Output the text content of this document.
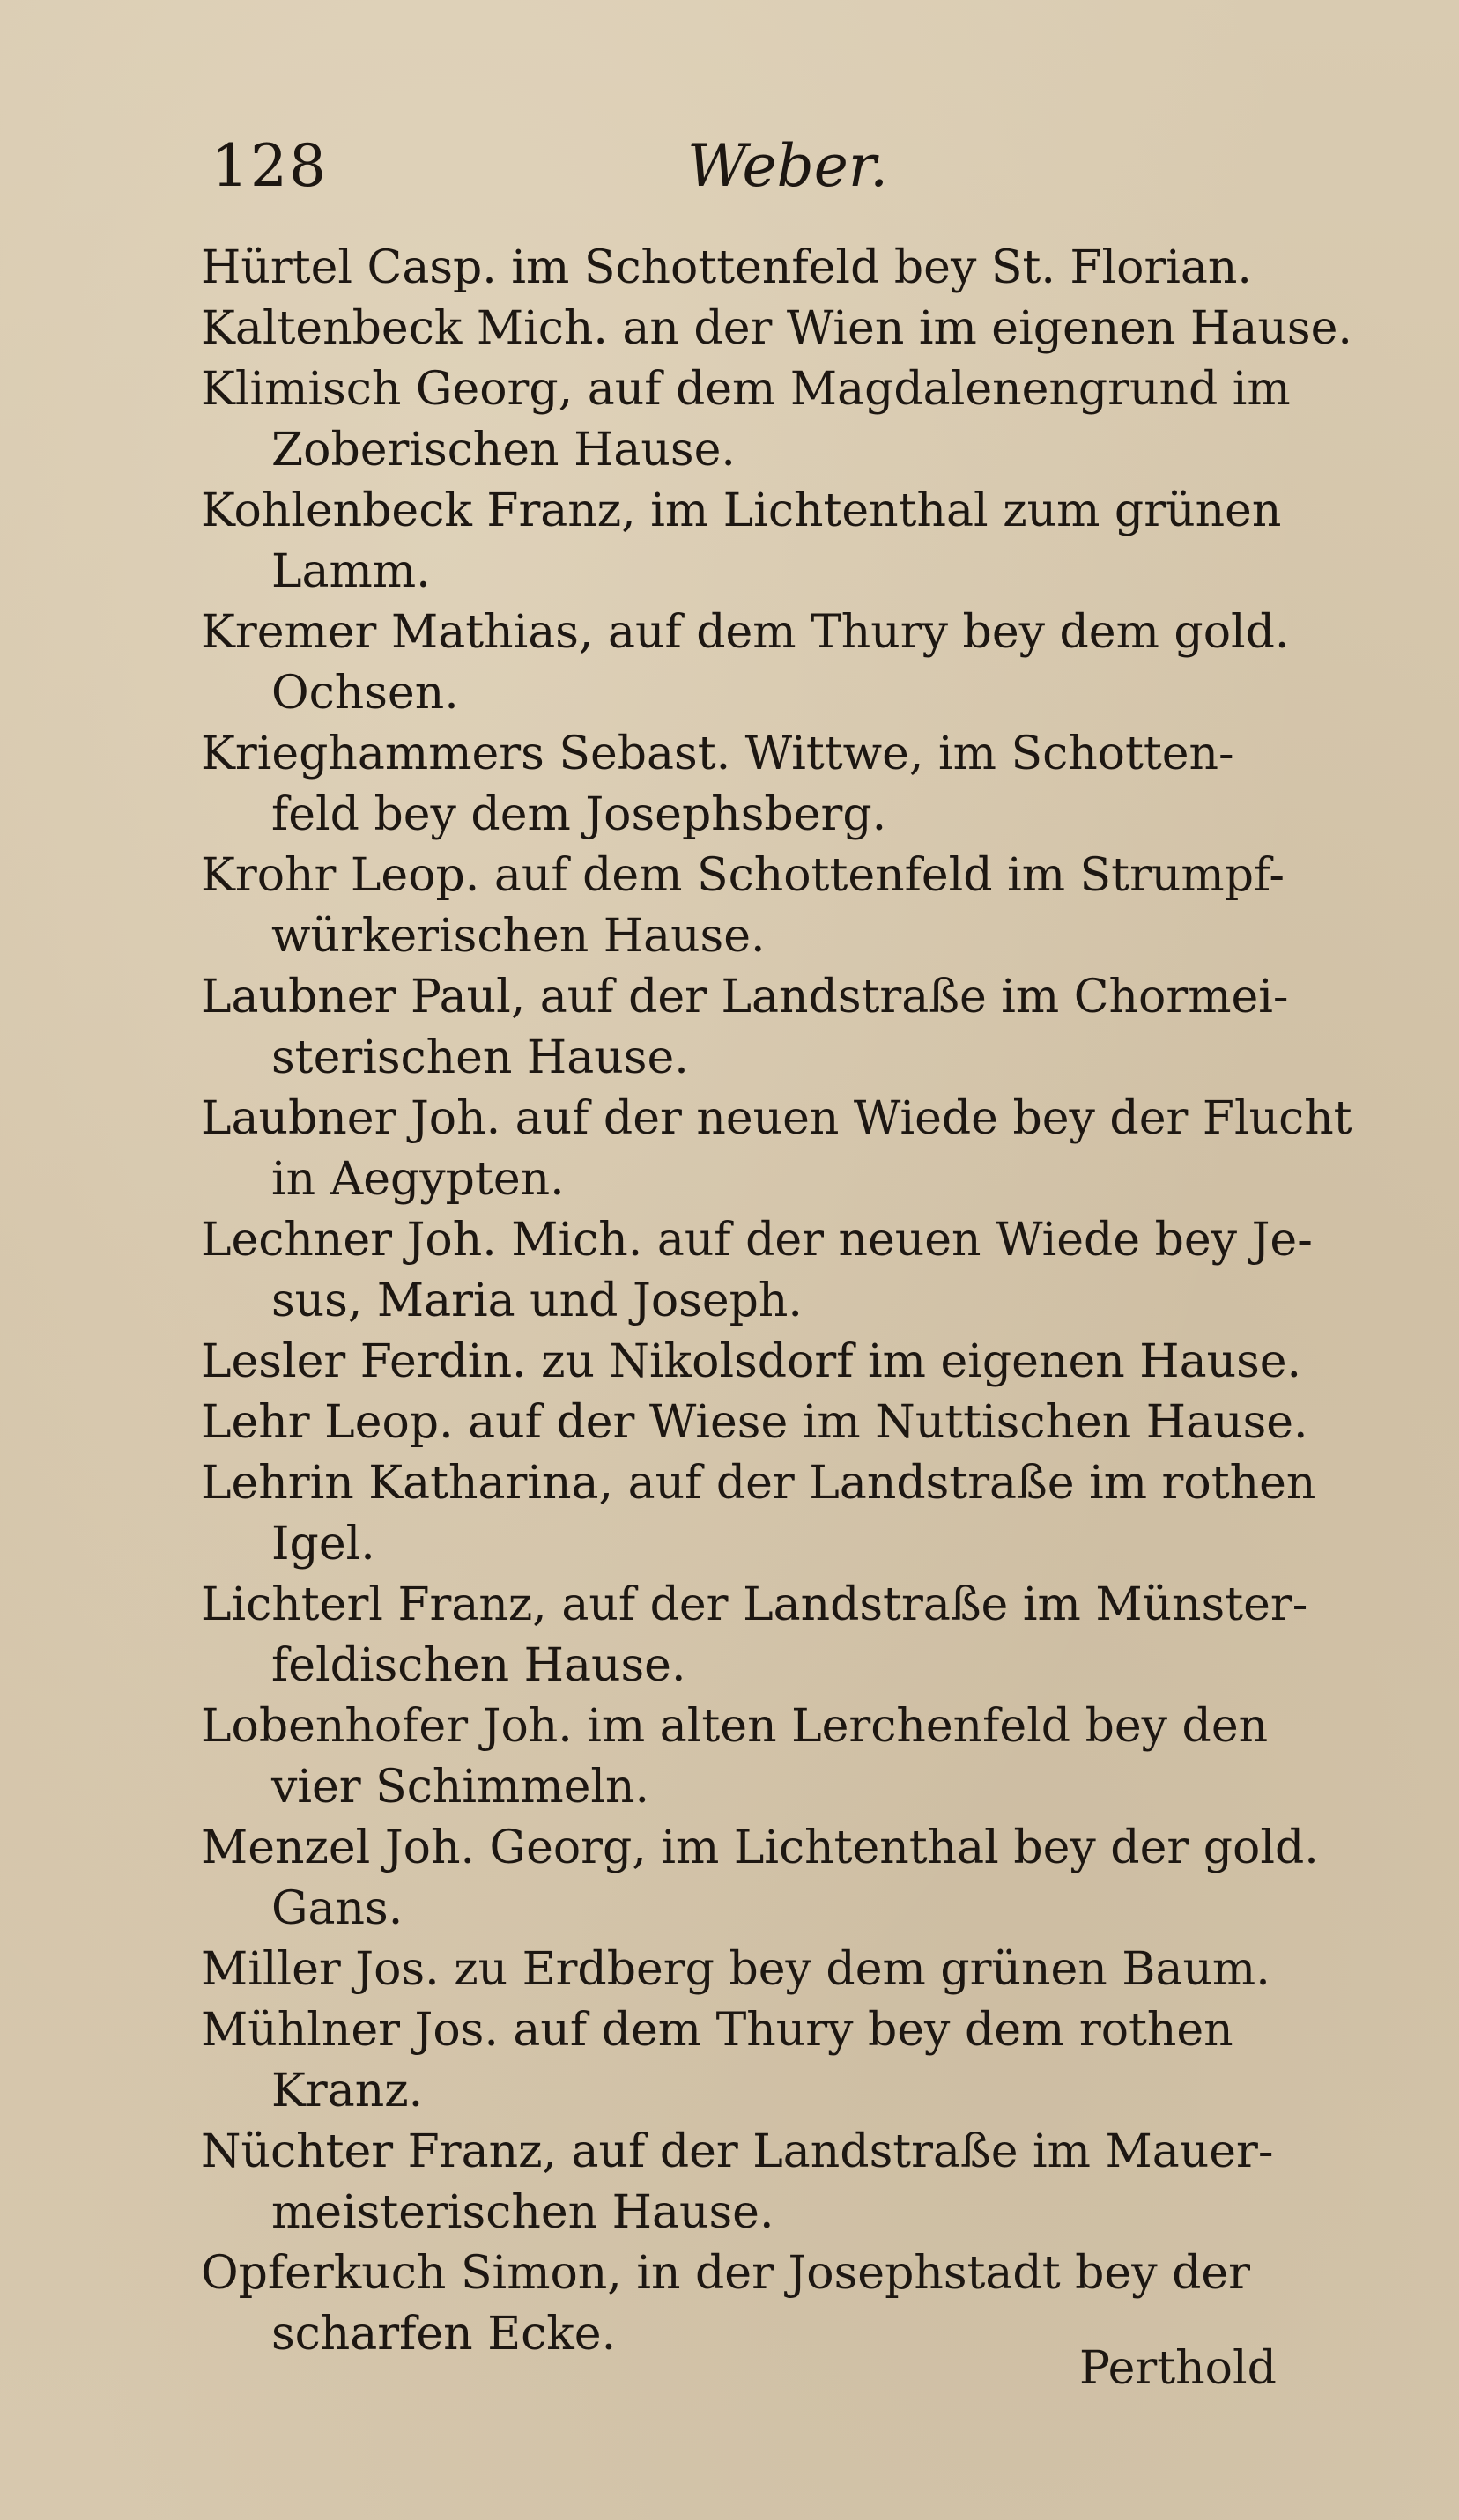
128	Weber.
Hürtel Casp. im Schottenfeld bey St. Florian.
Kaltenbeck Mich. an der Wien im eigenen Hause.
Klimisch Georg, auf dem Magdalenengrund im
Zoberischen Hause.
Kohlenbeck Franz, im Lichtenthal zum grünen
Lamm.
Kremer Mathias, auf dem Thury bey dem gold.
Ochsen.
Krieghammers Sebast. Wittwe, im Schotten-
feld bey dem Josephsberg.
Krohr Leop. auf dem Schottenfeld im Strumpf-
würkerischen Hause.
Laubner Paul, auf der Landstraße im Chormei-
sterischen Hause.
Laubner Joh. auf der neuen Wiede bey der Flucht
in Aegypten.
Lechner Joh. Mich. auf der neuen Wiede bey Je-
sus, Maria und Joseph.
Lesler Ferdin. zu Nikolsdorf im eigenen Hause.
Lehr Leop. auf der Wiese im Nuttischen Hause.
Lehrin Katharina, auf der Landstraße im rothen
Igel.
Lichterl Franz, auf der Landstraße im Münster-
feldischen Hause.
Lobenhofer Joh. im alten Lerchenfeld bey den
vier Schimmeln.
Menzel Joh. Georg, im Lichtenthal bey der gold.
Gans.
Miller Jos. zu Erdberg bey dem grünen Baum.
Mühlner Jos. auf dem Thury bey dem rothen
Kranz.
Nüchter Franz, auf der Landstraße im Mauer-
meisterischen Hause.
Opferkuch Simon, in der Josephstadt bey der
scharfen Ecke.
Perthold
